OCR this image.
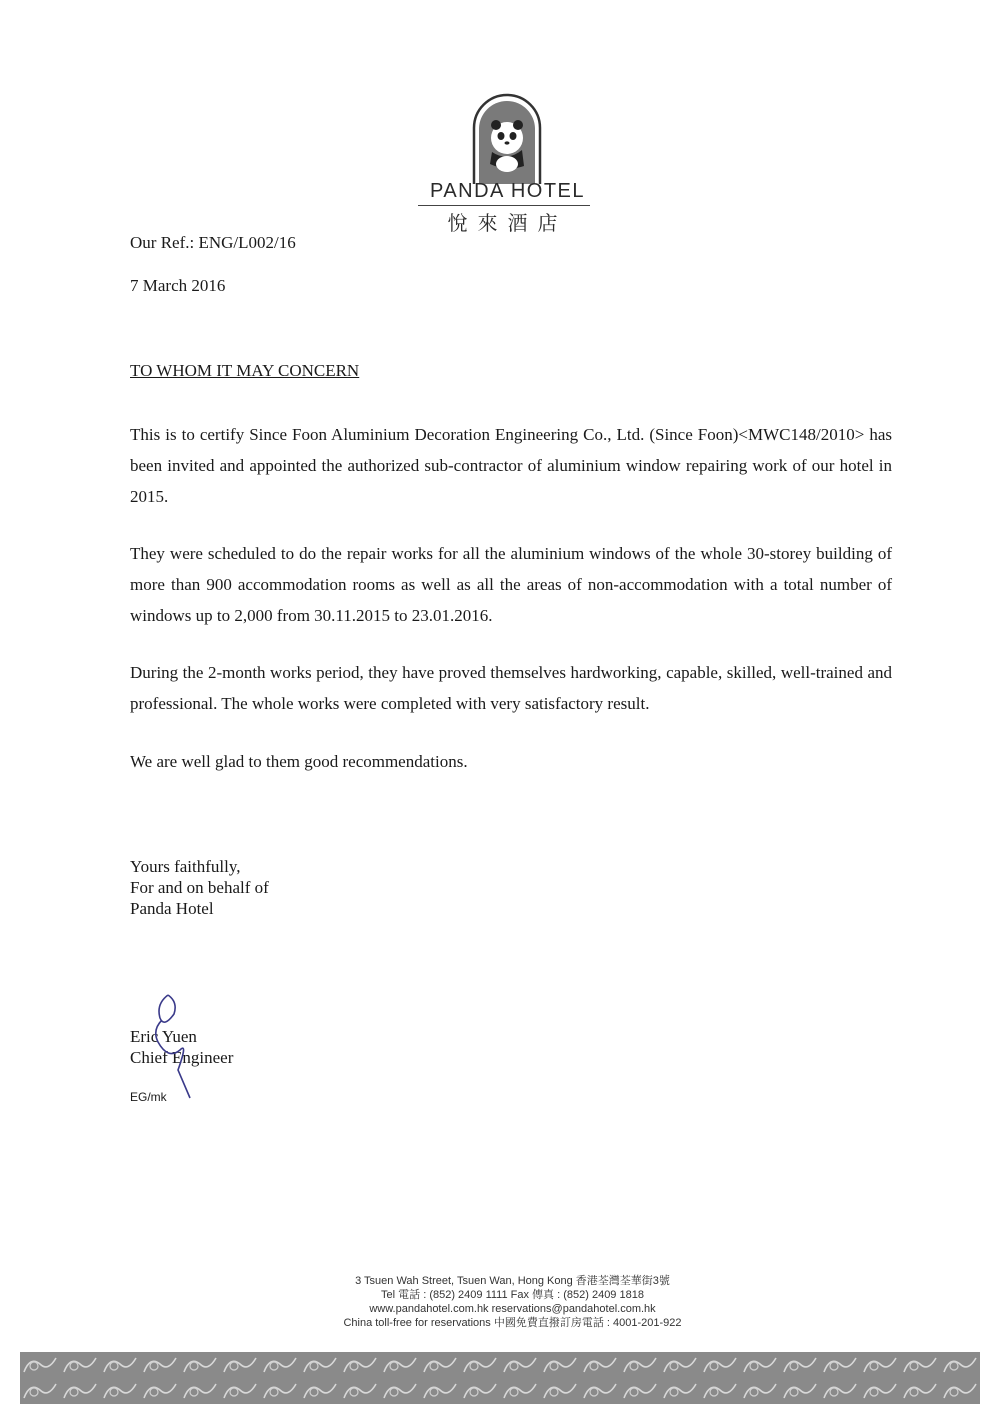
PANDA HOTEL
悅來酒店
Our Ref.: ENG/L002/16
7 March 2016
TO WHOM IT MAY CONCERN

This is to certify Since Foon Aluminium Decoration Engineering Co., Ltd. (Since Foon)<MWC148/2010> has been invited and appointed the authorized sub-contractor of aluminium window repairing work of our hotel in 2015.

They were scheduled to do the repair works for all the aluminium windows of the whole 30-storey building of more than 900 accommodation rooms as well as all the areas of non-accommodation with a total number of windows up to 2,000 from 30.11.2015 to 23.01.2016.

During the 2-month works period, they have proved themselves hardworking, capable, skilled, well-trained and professional. The whole works were completed with very satisfactory result.

We are well glad to them good recommendations.

Yours faithfully,
For and on behalf of
Panda Hotel
Eric Yuen
Chief Engineer
EG/mk
3 Tsuen Wah Street, Tsuen Wan, Hong Kong 香港荃灣荃華街3號
Tel 電話 : (852) 2409 1111 Fax 傳真 : (852) 2409 1818
www.pandahotel.com.hk reservations@pandahotel.com.hk
China toll-free for reservations 中國免費直撥訂房電話 : 4001-201-922
